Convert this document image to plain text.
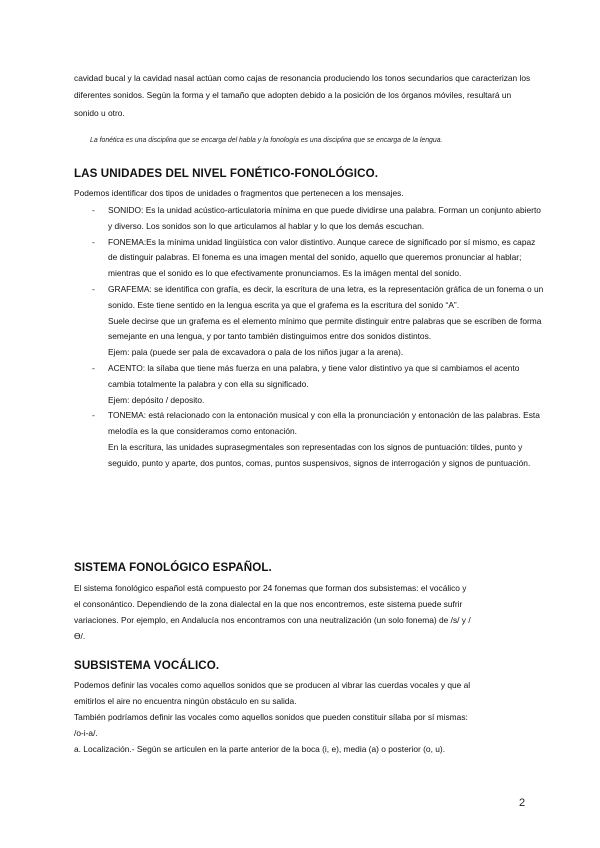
cavidad bucal y la cavidad nasal actúan como cajas de resonancia produciendo los tonos secundarios que caracterizan los diferentes sonidos. Según la forma y el tamaño que adopten debido a la posición de los órganos móviles, resultará un sonido u otro.
La fonética es una disciplina que se encarga del habla y la fonología es una disciplina que se encarga de la lengua.
LAS UNIDADES DEL NIVEL FONÉTICO-FONOLÓGICO.
Podemos identificar dos tipos de unidades o fragmentos que pertenecen a los mensajes.
- SONIDO: Es la unidad acústico-articulatoria mínima en que puede dividirse una palabra. Forman un conjunto abierto y diverso. Los sonidos son lo que articulamos al hablar y lo que los demás escuchan.

- FONEMA:Es la mínima unidad lingüística con valor distintivo. Aunque carece de significado por sí mismo, es capaz de distinguir palabras. El fonema es una imagen mental del sonido, aquello que queremos pronunciar al hablar; mientras que el sonido es lo que efectivamente pronunciamos. Es la imágen mental del sonido.

- GRAFEMA: se identifica con grafía, es decir, la escritura de una letra, es la representación gráfica de un fonema o un sonido. Este tiene sentido en la lengua escrita ya que el grafema es la escritura del sonido “A”.

Suele decirse que un grafema es el elemento mínimo que permite distinguir entre palabras que se escriben de forma semejante en una lengua, y por tanto también distinguimos entre dos sonidos distintos.

Ejem: pala (puede ser pala de excavadora o pala de los niños jugar a la arena).

- ACENTO: la sílaba que tiene más fuerza en una palabra, y tiene valor distintivo ya que si cambiamos el acento cambia totalmente la palabra y con ella su significado.

Ejem: depósito / deposito.

- TONEMA: está relacionado con la entonación musical y con ella la pronunciación y entonación de las palabras. Esta melodía es la que consideramos como entonación.

En la escritura, las unidades suprasegmentales son representadas con los signos de puntuación: tildes, punto y seguido, punto y aparte, dos puntos, comas, puntos suspensivos, signos de interrogación y signos de puntuación.

SISTEMA FONOLÓGICO ESPAÑOL.
El sistema fonológico español está compuesto por 24 fonemas que forman dos subsistemas: el vocálico y el consonántico. Dependiendo de la zona dialectal en la que nos encontremos, este sistema puede sufrir variaciones. Por ejemplo, en Andalucía nos encontramos con una neutralización (un solo fonema) de /s/ y /Ө/.
SUBSISTEMA VOCÁLICO.

Podemos definir las vocales como aquellos sonidos que se producen al vibrar las cuerdas vocales y que al emitirlos el aire no encuentra ningún obstáculo en su salida.

También podríamos definir las vocales como aquellos sonidos que pueden constituir sílaba por sí mismas: /o-i-a/.

a. Localización.- Según se articulen en la parte anterior de la boca (i, e), media (a) o posterior (o, u).

2
